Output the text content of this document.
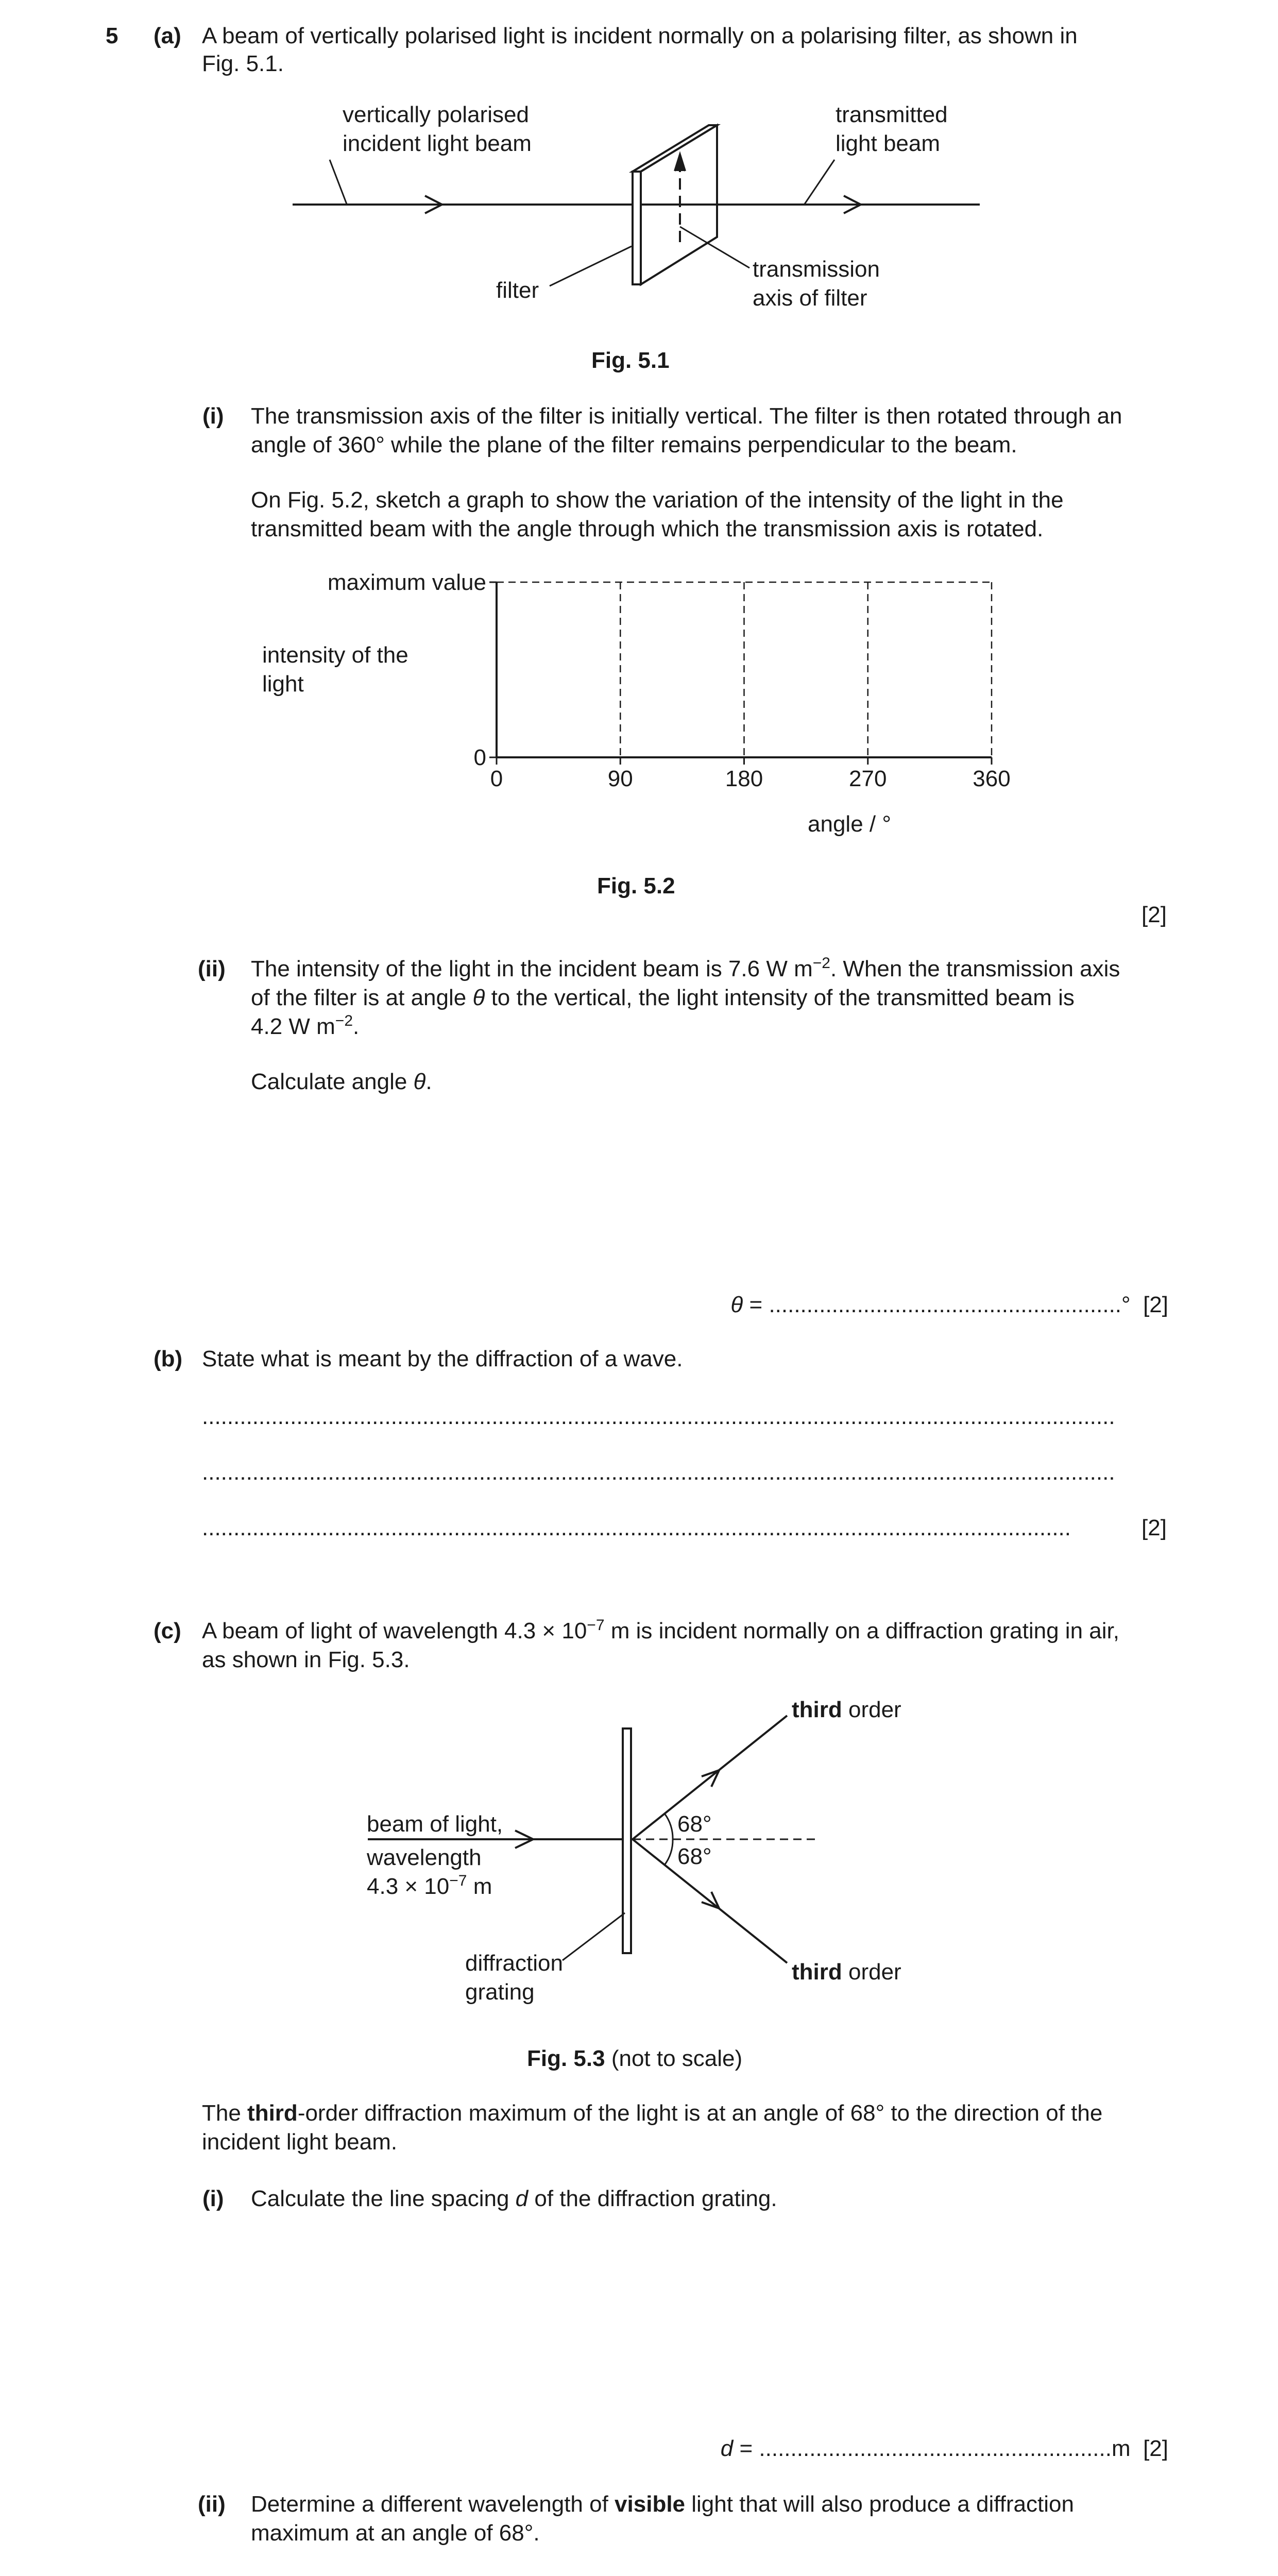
5 (a) A beam of vertically polarised light is incident normally on a polarising filter, as shown in
Fig. 5.1.
vertically polarised
incident light beam
transmitted
light beam
filter
transmission
axis of filter
Fig. 5.1
(i) The transmission axis of the filter is initially vertical. The filter is then rotated through an
angle of 360° while the plane of the filter remains perpendicular to the beam.
On Fig. 5.2, sketch a graph to show the variation of the intensity of the light in the
transmitted beam with the angle through which the transmission axis is rotated.
0	90	180	270	360
0
maximum value
intensity of the
light
angle / °
Fig. 5.2
[2]
(ii) The intensity of the light in the incident beam is 7.6 W $m^{-2}$. When the transmission axis
of the filter is at angle θ to the vertical, the light intensity of the transmitted beam is
4.2 W $m^{-2}$.
Calculate angle θ.
θ = ........................................................° [2]
(b) State what is meant by the diffraction of a wave.
.................................................................................................................................................
.................................................................................................................................................
..........................................................................................................................................	[2]
(c) A beam of light of wavelength $4.3 \times 10^{-7}$ m is incident normally on a diffraction grating in air,
as shown in Fig. 5.3.
third order
third order
beam of light,
wavelength
$4.3 \times 10^{-7}$ m
68°
68°
diffraction
grating
Fig. 5.3 (not to scale)
The third-order diffraction maximum of the light is at an angle of 68° to the direction of the
incident light beam.
(i) Calculate the line spacing d of the diffraction grating.
d = ........................................................m [2]
(ii) Determine a different wavelength of visible light that will also produce a diffraction
maximum at an angle of 68°.
